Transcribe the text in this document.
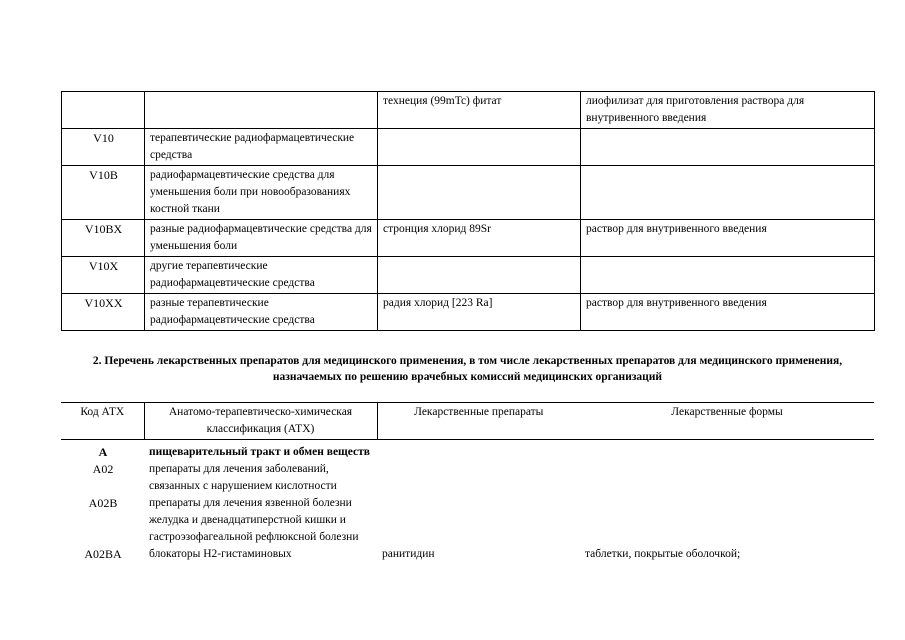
		технеция (99mTc) фитат	лиофилизат для приготовления раствора для внутривенного введения
V10	терапевтические радиофармацевтические средства		
V10B	радиофармацевтические средства для уменьшения боли при новообразованиях костной ткани		
V10BX	разные радиофармацевтические средства для уменьшения боли	стронция хлорид 89Sr	раствор для внутривенного введения
V10X	другие терапевтические радиофармацевтические средства		
V10XX	разные терапевтические радиофармацевтические средства	радия хлорид [223 Ra]	раствор для внутривенного введения
2. Перечень лекарственных препаратов для медицинского применения, в том числе лекарственных препаратов для медицинского применения, назначаемых по решению врачебных комиссий медицинских организаций
Код АТХ	Анатомо-терапевтическо-химическая классификация (АТХ)	Лекарственные препараты	Лекарственные формы
A	пищеварительный тракт и обмен веществ		
A02	препараты для лечения заболеваний, связанных с нарушением кислотности		
A02B	препараты для лечения язвенной болезни желудка и двенадцатиперстной кишки и гастроэзофагеальной рефлюксной болезни		
A02BA	блокаторы H2-гистаминовых	ранитидин	таблетки, покрытые оболочкой;
